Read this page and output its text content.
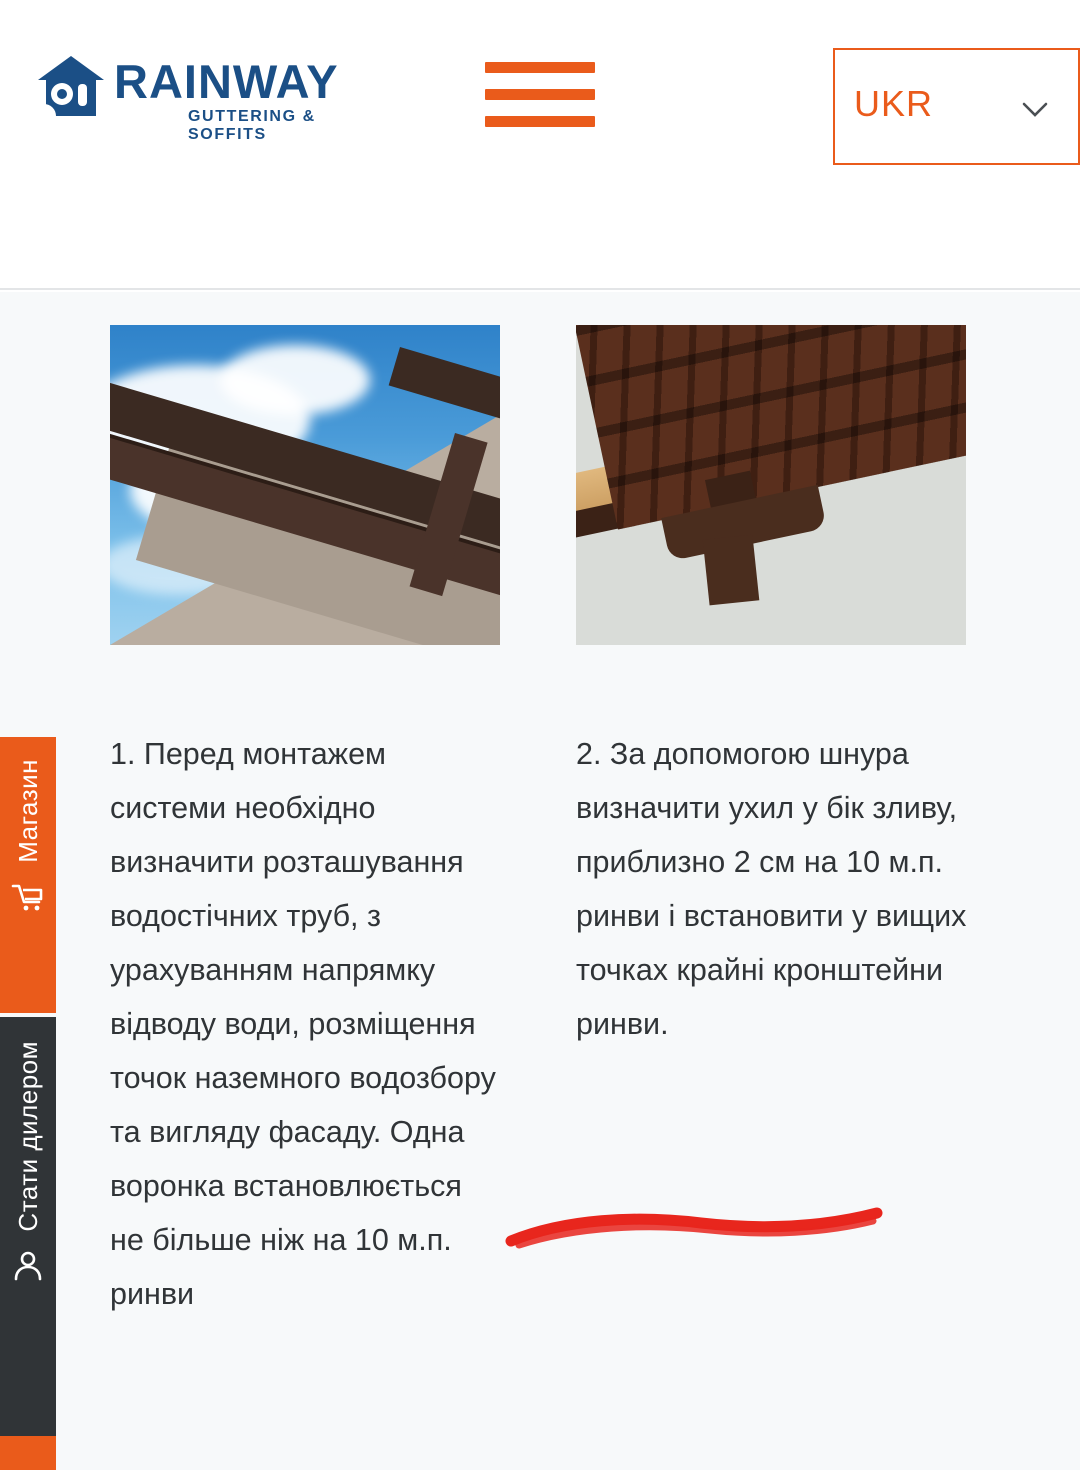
RAINWAY
GUTTERING & SOFFITS
UKR
1. Перед монтажем системи необхідно визначити розташування водостічних труб, з урахуванням напрямку відводу води, розміщення точок наземного водозбору та вигляду фасаду. Одна воронка встановлюється не більше ніж на 10 м.п. ринви
2. За допомогою шнура визначити ухил у бік зливу, приблизно 2 см на 10 м.п. ринви і встановити у вищих точках крайні кронштейни ринви.
Магазин
Стати дилером
